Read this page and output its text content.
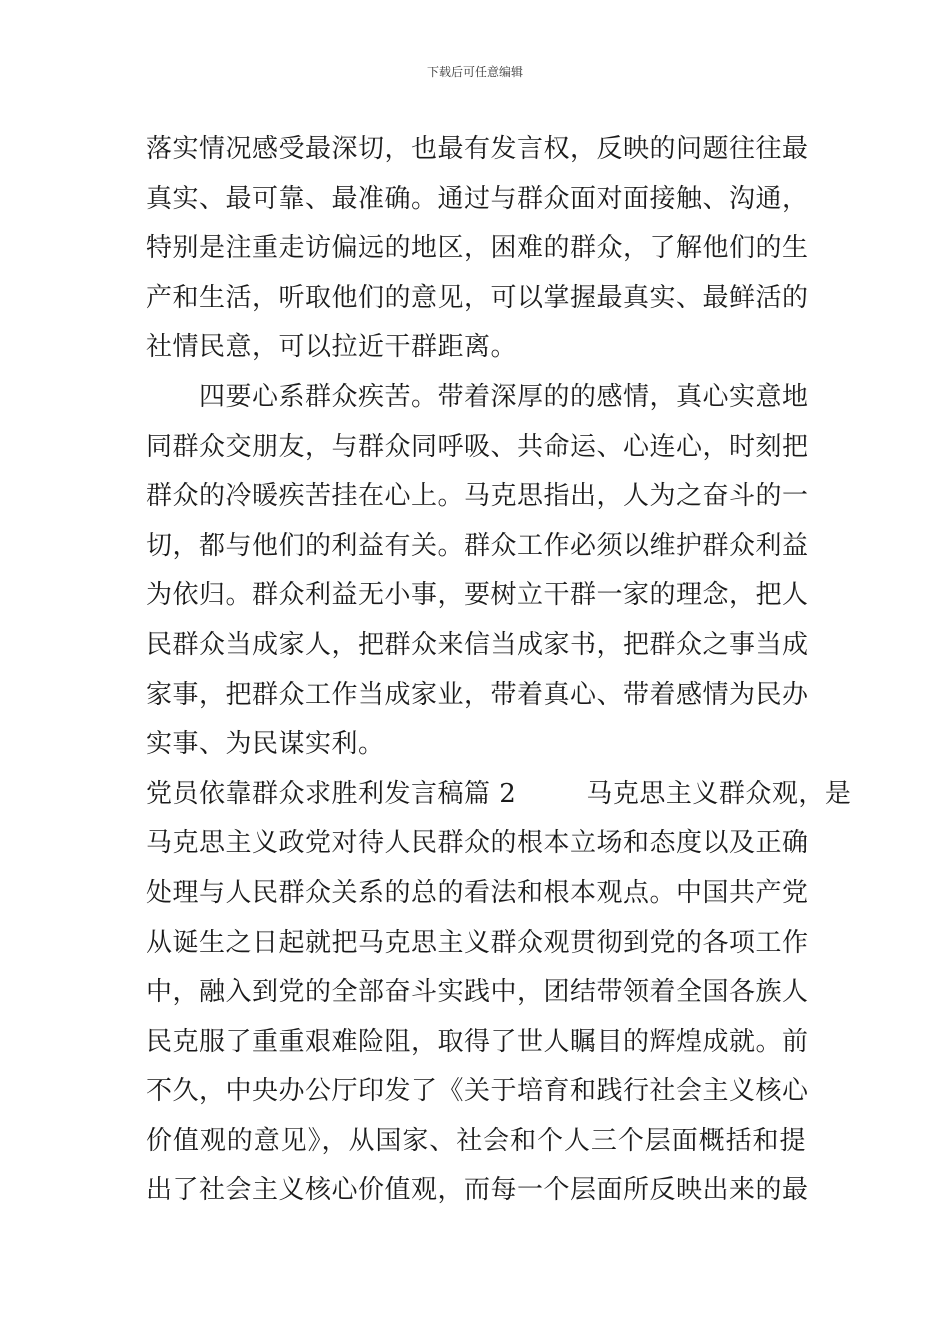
下载后可任意编辑
落实情况感受最深切，也最有发言权，反映的问题往往最
真实、最可靠、最准确。通过与群众面对面接触、沟通，
特别是注重走访偏远的地区，困难的群众，了解他们的生
产和生活，听取他们的意见，可以掌握最真实、最鲜活的
社情民意，可以拉近干群距离。
四要心系群众疾苦。带着深厚的的感情，真心实意地
同群众交朋友，与群众同呼吸、共命运、心连心，时刻把
群众的冷暖疾苦挂在心上。马克思指出，人为之奋斗的一
切，都与他们的利益有关。群众工作必须以维护群众利益
为依归。群众利益无小事，要树立干群一家的理念，把人
民群众当成家人，把群众来信当成家书，把群众之事当成
家事，把群众工作当成家业，带着真心、带着感情为民办
实事、为民谋实利。
党员依靠群众求胜利发言稿篇 2	马克思主义群众观，是
马克思主义政党对待人民群众的根本立场和态度以及正确
处理与人民群众关系的总的看法和根本观点。中国共产党
从诞生之日起就把马克思主义群众观贯彻到党的各项工作
中，融入到党的全部奋斗实践中，团结带领着全国各族人
民克服了重重艰难险阻，取得了世人瞩目的辉煌成就。前
不久，中央办公厅印发了《关于培育和践行社会主义核心
价值观的意见》，从国家、社会和个人三个层面概括和提
出了社会主义核心价值观，而每一个层面所反映出来的最
